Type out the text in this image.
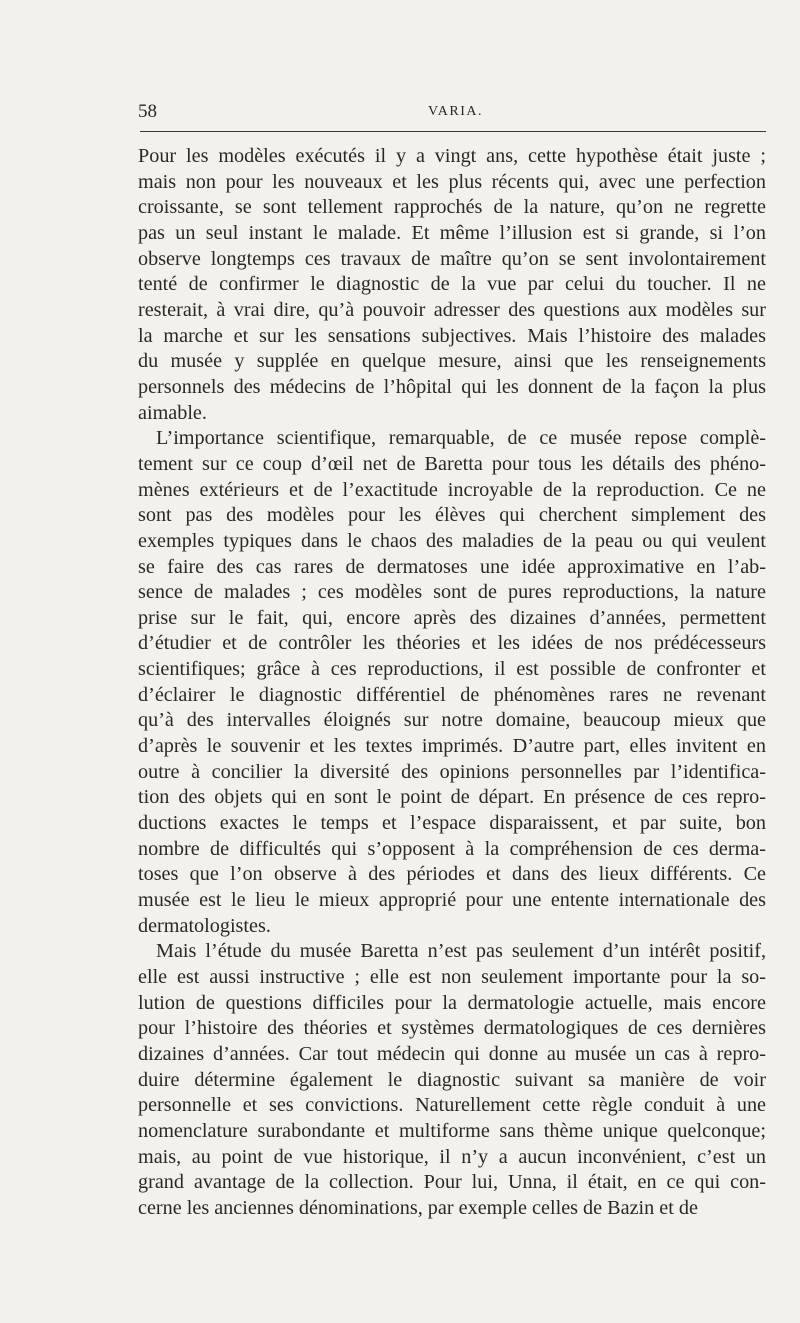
58	VARIA.

Pour les modèles exécutés il y a vingt ans, cette hypothèse était juste ;
mais non pour les nouveaux et les plus récents qui, avec une perfection
croissante, se sont tellement rapprochés de la nature, qu’on ne regrette
pas un seul instant le malade. Et même l’illusion est si grande, si l’on
observe longtemps ces travaux de maître qu’on se sent involontairement
tenté de confirmer le diagnostic de la vue par celui du toucher. Il ne
resterait, à vrai dire, qu’à pouvoir adresser des questions aux modèles sur
la marche et sur les sensations subjectives. Mais l’histoire des malades
du musée y supplée en quelque mesure, ainsi que les renseignements
personnels des médecins de l’hôpital qui les donnent de la façon la plus
aimable.

L’importance scientifique, remarquable, de ce musée repose complè-
tement sur ce coup d’œil net de Baretta pour tous les détails des phéno-
mènes extérieurs et de l’exactitude incroyable de la reproduction. Ce ne
sont pas des modèles pour les élèves qui cherchent simplement des
exemples typiques dans le chaos des maladies de la peau ou qui veulent
se faire des cas rares de dermatoses une idée approximative en l’ab-
sence de malades ; ces modèles sont de pures reproductions, la nature
prise sur le fait, qui, encore après des dizaines d’années, permettent
d’étudier et de contrôler les théories et les idées de nos prédécesseurs
scientifiques; grâce à ces reproductions, il est possible de confronter et
d’éclairer le diagnostic différentiel de phénomènes rares ne revenant
qu’à des intervalles éloignés sur notre domaine, beaucoup mieux que
d’après le souvenir et les textes imprimés. D’autre part, elles invitent en
outre à concilier la diversité des opinions personnelles par l’identifica-
tion des objets qui en sont le point de départ. En présence de ces repro-
ductions exactes le temps et l’espace disparaissent, et par suite, bon
nombre de difficultés qui s’opposent à la compréhension de ces derma-
toses que l’on observe à des périodes et dans des lieux différents. Ce
musée est le lieu le mieux approprié pour une entente internationale des
dermatologistes.

Mais l’étude du musée Baretta n’est pas seulement d’un intérêt positif,
elle est aussi instructive ; elle est non seulement importante pour la so-
lution de questions difficiles pour la dermatologie actuelle, mais encore
pour l’histoire des théories et systèmes dermatologiques de ces dernières
dizaines d’années. Car tout médecin qui donne au musée un cas à repro-
duire détermine également le diagnostic suivant sa manière de voir
personnelle et ses convictions. Naturellement cette règle conduit à une
nomenclature surabondante et multiforme sans thème unique quelconque;
mais, au point de vue historique, il n’y a aucun inconvénient, c’est un
grand avantage de la collection. Pour lui, Unna, il était, en ce qui con-
cerne les anciennes dénominations, par exemple celles de Bazin et de
